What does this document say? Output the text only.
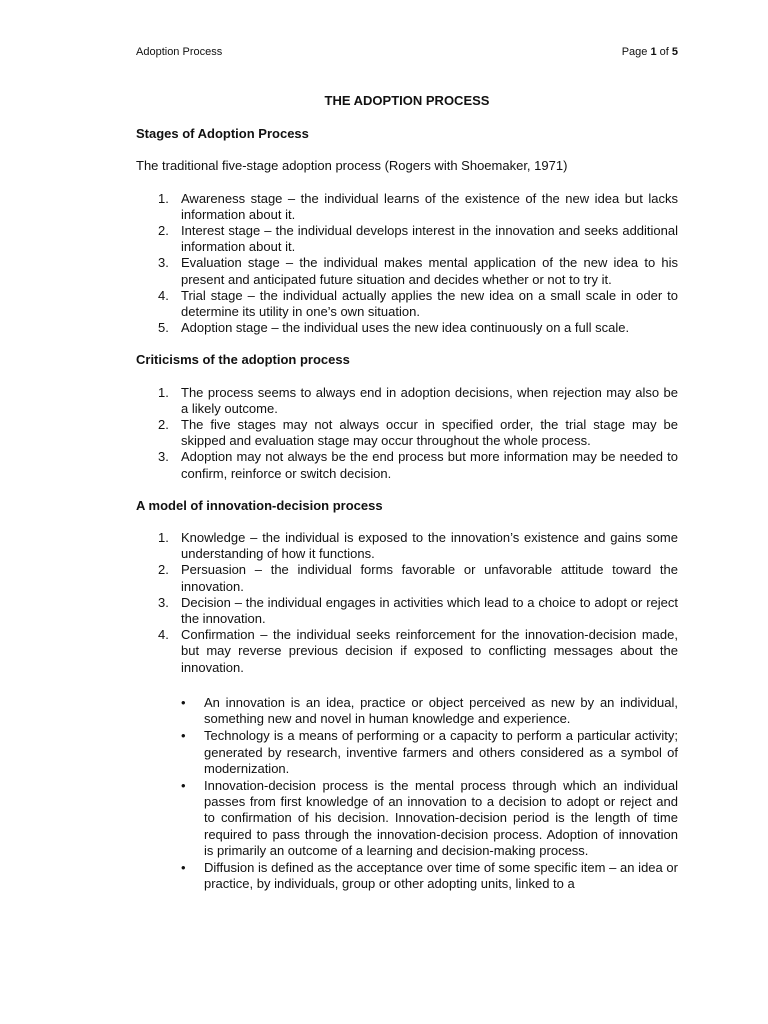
Adoption Process	Page 1 of 5
THE ADOPTION PROCESS
Stages of Adoption Process

The traditional five-stage adoption process (Rogers with Shoemaker, 1971)

1. Awareness stage – the individual learns of the existence of the new idea but lacks information about it.
2. Interest stage – the individual develops interest in the innovation and seeks additional information about it.
3. Evaluation stage – the individual makes mental application of the new idea to his present and anticipated future situation and decides whether or not to try it.
4. Trial stage – the individual actually applies the new idea on a small scale in oder to determine its utility in one’s own situation.
5. Adoption stage – the individual uses the new idea continuously on a full scale.
Criticisms of the adoption process
1. The process seems to always end in adoption decisions, when rejection may also be a likely outcome.
2. The five stages may not always occur in specified order, the trial stage may be skipped and evaluation stage may occur throughout the whole process.
3. Adoption may not always be the end process but more information may be needed to confirm, reinforce or switch decision.
A model of innovation-decision process
1. Knowledge – the individual is exposed to the innovation’s existence and gains some understanding of how it functions.
2. Persuasion – the individual forms favorable or unfavorable attitude toward the innovation.
3. Decision – the individual engages in activities which lead to a choice to adopt or reject the innovation.
4. Confirmation – the individual seeks reinforcement for the innovation-decision made, but may reverse previous decision if exposed to conflicting messages about the innovation.
• An innovation is an idea, practice or object perceived as new by an individual, something new and novel in human knowledge and experience.
• Technology is a means of performing or a capacity to perform a particular activity; generated by research, inventive farmers and others considered as a symbol of modernization.
• Innovation-decision process is the mental process through which an individual passes from first knowledge of an innovation to a decision to adopt or reject and to confirmation of his decision. Innovation-decision period is the length of time required to pass through the innovation-decision process. Adoption of innovation is primarily an outcome of a learning and decision-making process.
• Diffusion is defined as the acceptance over time of some specific item – an idea or practice, by individuals, group or other adopting units, linked to a
